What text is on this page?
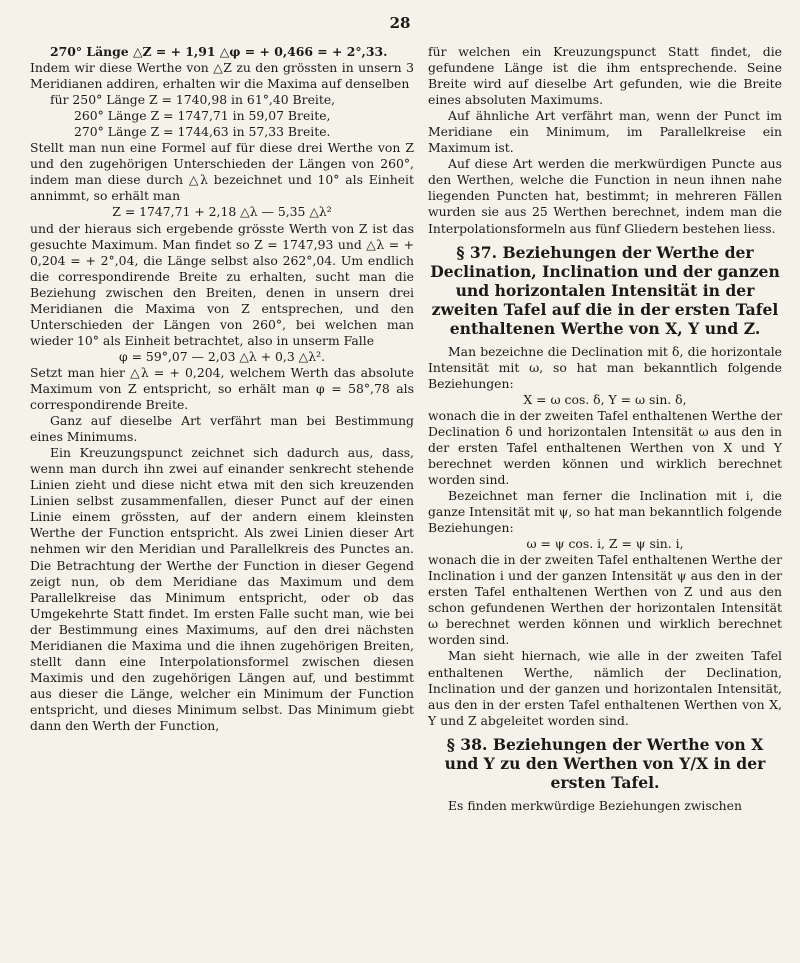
28

270° Länge △Z = + 1,91 △φ = + 0,466 = + 2°,33.

Indem wir diese Werthe von △Z zu den grössten in unsern 3 Meridianen addiren, erhalten wir die Maxima auf denselben

für 250° Länge Z = 1740,98 in 61°,40 Breite,

260° Länge Z = 1747,71 in 59,07 Breite,

270° Länge Z = 1744,63 in 57,33 Breite.

Stellt man nun eine Formel auf für diese drei Werthe von Z und den zugehörigen Unterschieden der Längen von 260°, indem man diese durch △λ bezeichnet und 10° als Einheit annimmt, so erhält man

Z = 1747,71 + 2,18 △λ — 5,35 △λ²

und der hieraus sich ergebende grösste Werth von Z ist das gesuchte Maximum. Man findet so Z = 1747,93 und △λ = + 0,204 = + 2°,04, die Länge selbst also 262°,04. Um endlich die correspondirende Breite zu erhalten, sucht man die Beziehung zwischen den Breiten, denen in unsern drei Meridianen die Maxima von Z entsprechen, und den Unterschieden der Längen von 260°, bei welchen man wieder 10° als Einheit betrachtet, also in unserm Falle

φ = 59°,07 — 2,03 △λ + 0,3 △λ².

Setzt man hier △λ = + 0,204, welchem Werth das absolute Maximum von Z entspricht, so erhält man φ = 58°,78 als correspondirende Breite.

Ganz auf dieselbe Art verfährt man bei Bestimmung eines Minimums.

Ein Kreuzungspunct zeichnet sich dadurch aus, dass, wenn man durch ihn zwei auf einander senkrecht stehende Linien zieht und diese nicht etwa mit den sich kreuzenden Linien selbst zusammenfallen, dieser Punct auf der einen Linie einem grössten, auf der andern einem kleinsten Werthe der Function entspricht. Als zwei Linien dieser Art nehmen wir den Meridian und Parallelkreis des Punctes an. Die Betrachtung der Werthe der Function in dieser Gegend zeigt nun, ob dem Meridiane das Maximum und dem Parallelkreise das Minimum entspricht, oder ob das Umgekehrte Statt findet. Im ersten Falle sucht man, wie bei der Bestimmung eines Maximums, auf den drei nächsten Meridianen die Maxima und die ihnen zugehörigen Breiten, stellt dann eine Interpolationsformel zwischen diesen Maximis und den zugehörigen Längen auf, und bestimmt aus dieser die Länge, welcher ein Minimum der Function entspricht, und dieses Minimum selbst. Das Minimum giebt dann den Werth der Function,

für welchen ein Kreuzungspunct Statt findet, die gefundene Länge ist die ihm entsprechende. Seine Breite wird auf dieselbe Art gefunden, wie die Breite eines absoluten Maximums.

Auf ähnliche Art verfährt man, wenn der Punct im Meridiane ein Minimum, im Parallelkreise ein Maximum ist.

Auf diese Art werden die merkwürdigen Puncte aus den Werthen, welche die Function in neun ihnen nahe liegenden Puncten hat, bestimmt; in mehreren Fällen wurden sie aus 25 Werthen berechnet, indem man die Interpolationsformeln aus fünf Gliedern bestehen liess.

§ 37. Beziehungen der Werthe der Declination, Inclination und der ganzen und horizontalen Intensität in der zweiten Tafel auf die in der ersten Tafel enthaltenen Werthe von X, Y und Z.

Man bezeichne die Declination mit δ, die horizontale Intensität mit ω, so hat man bekanntlich folgende Beziehungen:

X = ω cos. δ, Y = ω sin. δ,

wonach die in der zweiten Tafel enthaltenen Werthe der Declination δ und horizontalen Intensität ω aus den in der ersten Tafel enthaltenen Werthen von X und Y berechnet werden können und wirklich berechnet worden sind.

Bezeichnet man ferner die Inclination mit i, die ganze Intensität mit ψ, so hat man bekanntlich folgende Beziehungen:

ω = ψ cos. i, Z = ψ sin. i,

wonach die in der zweiten Tafel enthaltenen Werthe der Inclination i und der ganzen Intensität ψ aus den in der ersten Tafel enthaltenen Werthen von Z und aus den schon gefundenen Werthen der horizontalen Intensität ω berechnet werden können und wirklich berechnet worden sind.

Man sieht hiernach, wie alle in der zweiten Tafel enthaltenen Werthe, nämlich der Declination, Inclination und der ganzen und horizontalen Intensität, aus den in der ersten Tafel enthaltenen Werthen von X, Y und Z abgeleitet worden sind.

§ 38. Beziehungen der Werthe von X und Y zu den Werthen von Y/X in der ersten Tafel.

Es finden merkwürdige Beziehungen zwischen
